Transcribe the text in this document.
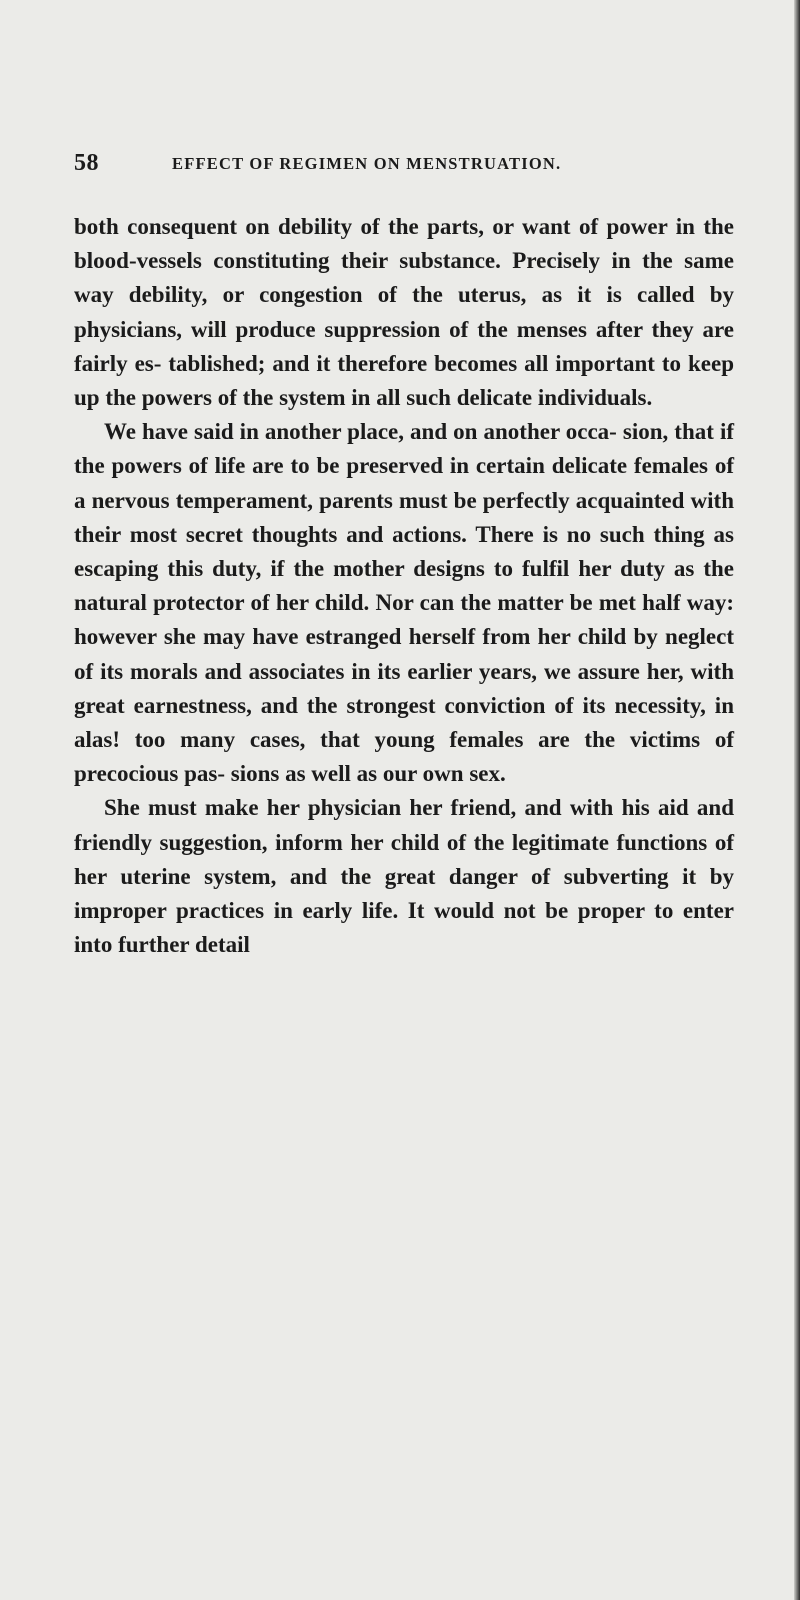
58	EFFECT OF REGIMEN ON MENSTRUATION.

both consequent on debility of the parts, or want of power in the blood-vessels constituting their substance. Precisely in the same way debility, or congestion of the uterus, as it is called by physicians, will produce suppression of the menses after they are fairly es- tablished; and it therefore becomes all important to keep up the powers of the system in all such delicate individuals.

We have said in another place, and on another occa- sion, that if the powers of life are to be preserved in certain delicate females of a nervous temperament, parents must be perfectly acquainted with their most secret thoughts and actions. There is no such thing as escaping this duty, if the mother designs to fulfil her duty as the natural protector of her child. Nor can the matter be met half way: however she may have estranged herself from her child by neglect of its morals and associates in its earlier years, we assure her, with great earnestness, and the strongest conviction of its necessity, in alas! too many cases, that young females are the victims of precocious pas- sions as well as our own sex.

She must make her physician her friend, and with his aid and friendly suggestion, inform her child of the legitimate functions of her uterine system, and the great danger of subverting it by improper practices in early life. It would not be proper to enter into further detail
